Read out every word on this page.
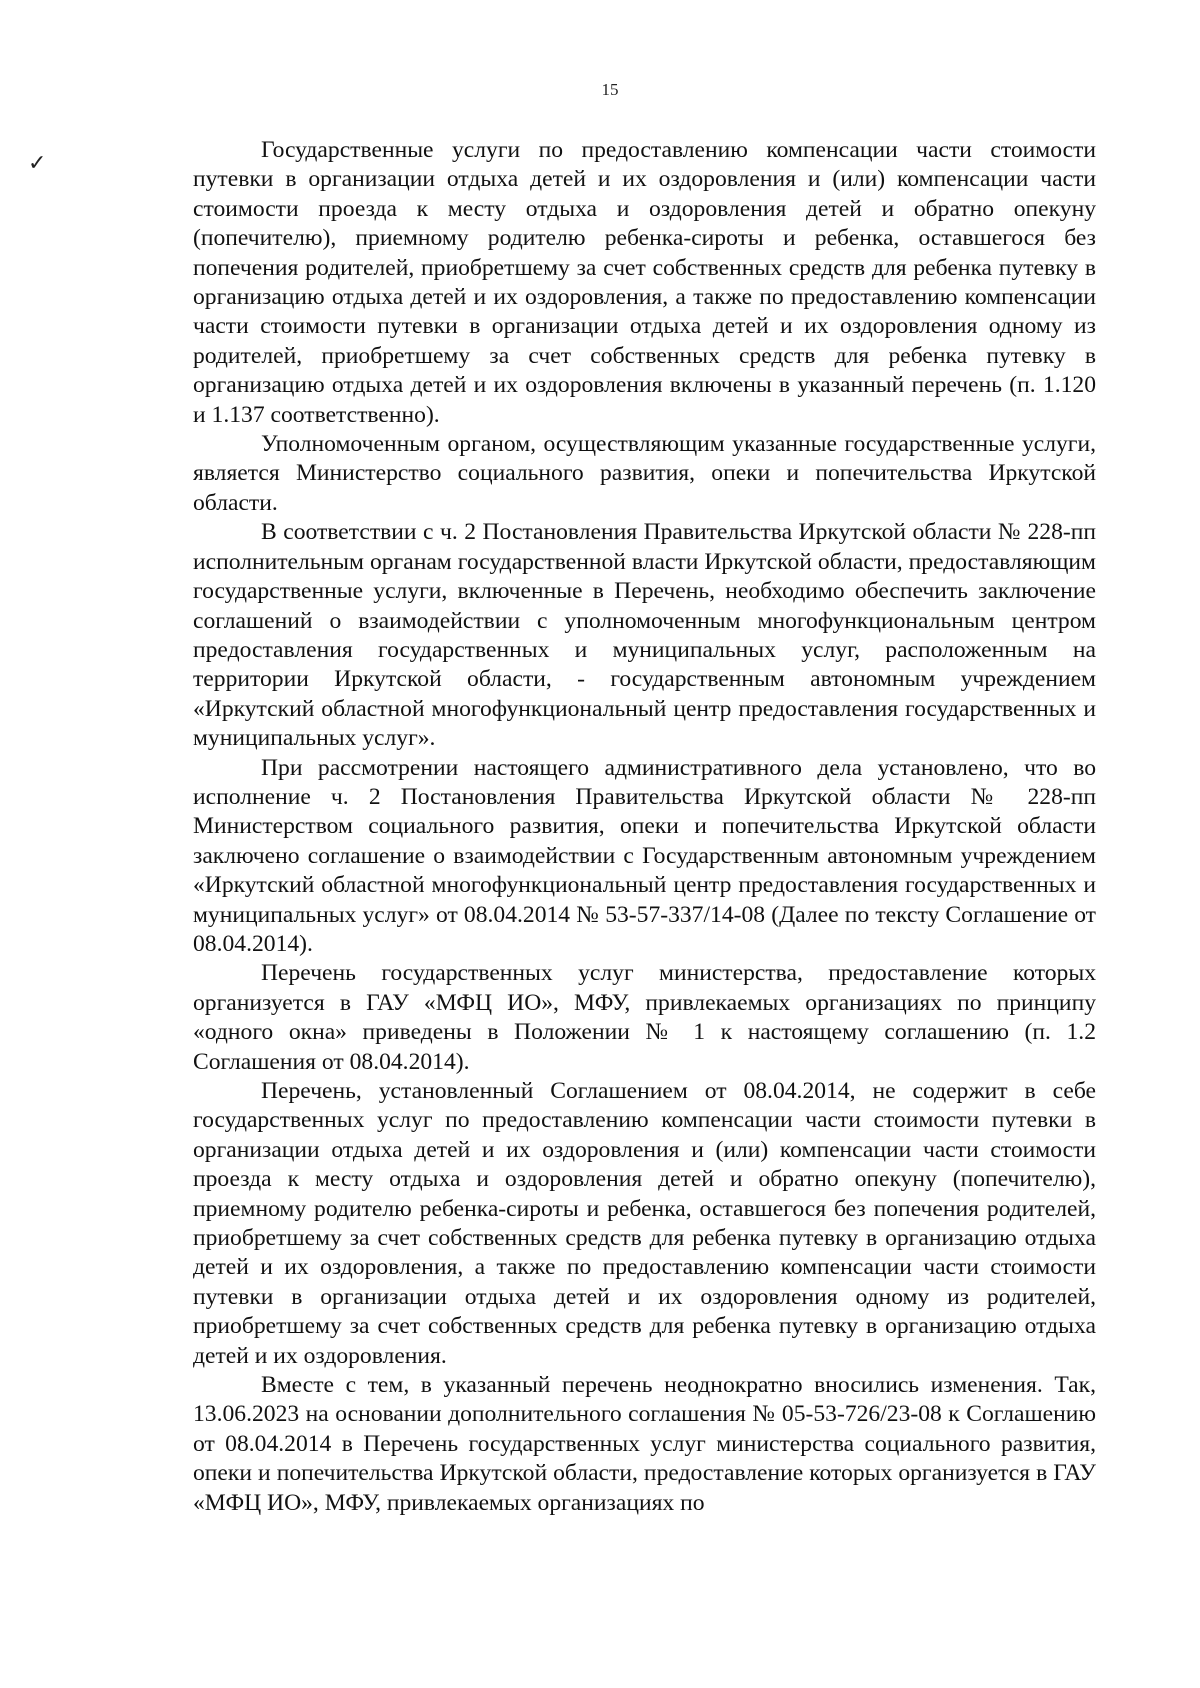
15
✓	Государственные услуги по предоставлению компенсации части стоимости путевки в организации отдыха детей и их оздоровления и (или) компенсации части стоимости проезда к месту отдыха и оздоровления детей и обратно опекуну (попечителю), приемному родителю ребенка-сироты и ребенка, оставшегося без попечения родителей, приобретшему за счет собственных средств для ребенка путевку в организацию отдыха детей и их оздоровления, а также по предоставлению компенсации части стоимости путевки в организации отдыха детей и их оздоровления одному из родителей, приобретшему за счет собственных средств для ребенка путевку в организацию отдыха детей и их оздоровления включены в указанный перечень (п. 1.120 и 1.137 соответственно).

Уполномоченным органом, осуществляющим указанные государственные услуги, является Министерство социального развития, опеки и попечительства Иркутской области.

В соответствии с ч. 2 Постановления Правительства Иркутской области № 228-пп исполнительным органам государственной власти Иркутской области, предоставляющим государственные услуги, включенные в Перечень, необходимо обеспечить заключение соглашений о взаимодействии с уполномоченным многофункциональным центром предоставления государственных и муниципальных услуг, расположенным на территории Иркутской области, - государственным автономным учреждением «Иркутский областной многофункциональный центр предоставления государственных и муниципальных услуг».

При рассмотрении настоящего административного дела установлено, что во исполнение ч. 2 Постановления Правительства Иркутской области № 228-пп Министерством социального развития, опеки и попечительства Иркутской области заключено соглашение о взаимодействии с Государственным автономным учреждением «Иркутский областной многофункциональный центр предоставления государственных и муниципальных услуг» от 08.04.2014 № 53-57-337/14-08 (Далее по тексту Соглашение от 08.04.2014).

Перечень государственных услуг министерства, предоставление которых организуется в ГАУ «МФЦ ИО», МФУ, привлекаемых организациях по принципу «одного окна» приведены в Положении № 1 к настоящему соглашению (п. 1.2 Соглашения от 08.04.2014).

Перечень, установленный Соглашением от 08.04.2014, не содержит в себе государственных услуг по предоставлению компенсации части стоимости путевки в организации отдыха детей и их оздоровления и (или) компенсации части стоимости проезда к месту отдыха и оздоровления детей и обратно опекуну (попечителю), приемному родителю ребенка-сироты и ребенка, оставшегося без попечения родителей, приобретшему за счет собственных средств для ребенка путевку в организацию отдыха детей и их оздоровления, а также по предоставлению компенсации части стоимости путевки в организации отдыха детей и их оздоровления одному из родителей, приобретшему за счет собственных средств для ребенка путевку в организацию отдыха детей и их оздоровления.

Вместе с тем, в указанный перечень неоднократно вносились изменения. Так, 13.06.2023 на основании дополнительного соглашения № 05-53-726/23-08 к Соглашению от 08.04.2014 в Перечень государственных услуг министерства социального развития, опеки и попечительства Иркутской области, предоставление которых организуется в ГАУ «МФЦ ИО», МФУ, привлекаемых организациях по
